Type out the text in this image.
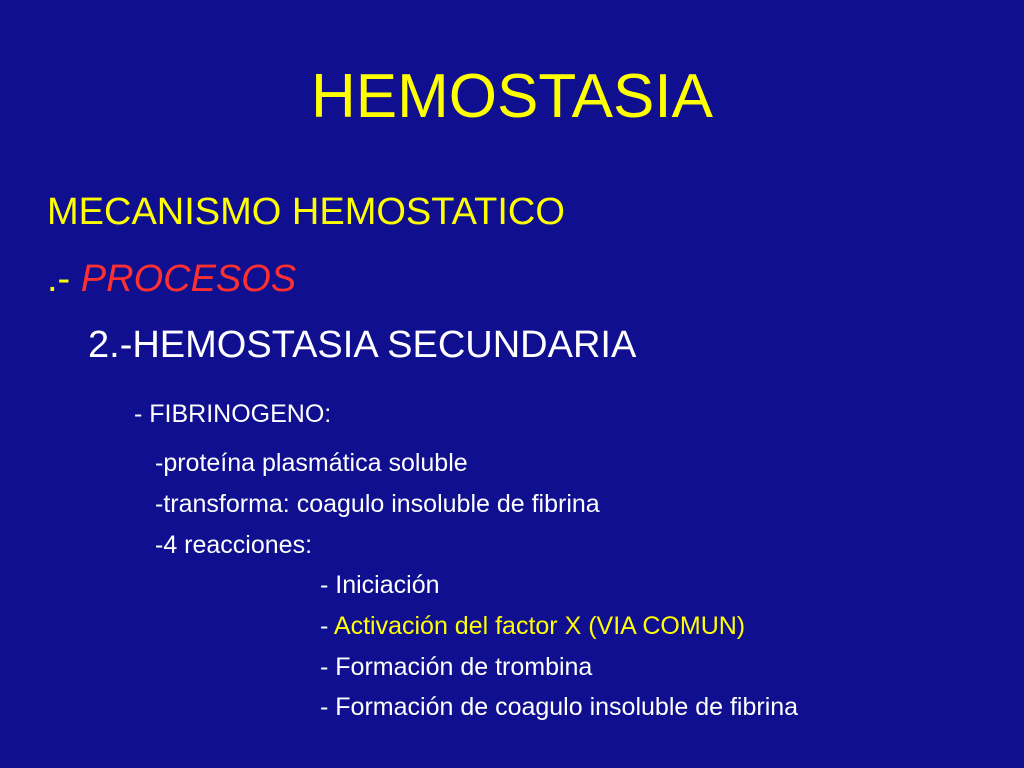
HEMOSTASIA
MECANISMO HEMOSTATICO
.- PROCESOS
2.-HEMOSTASIA SECUNDARIA
- FIBRINOGENO:
-proteína plasmática soluble
-transforma: coagulo insoluble de fibrina
-4 reacciones:
- Iniciación
- Activación del factor X (VIA COMUN)
- Formación de trombina
- Formación de coagulo insoluble de fibrina
